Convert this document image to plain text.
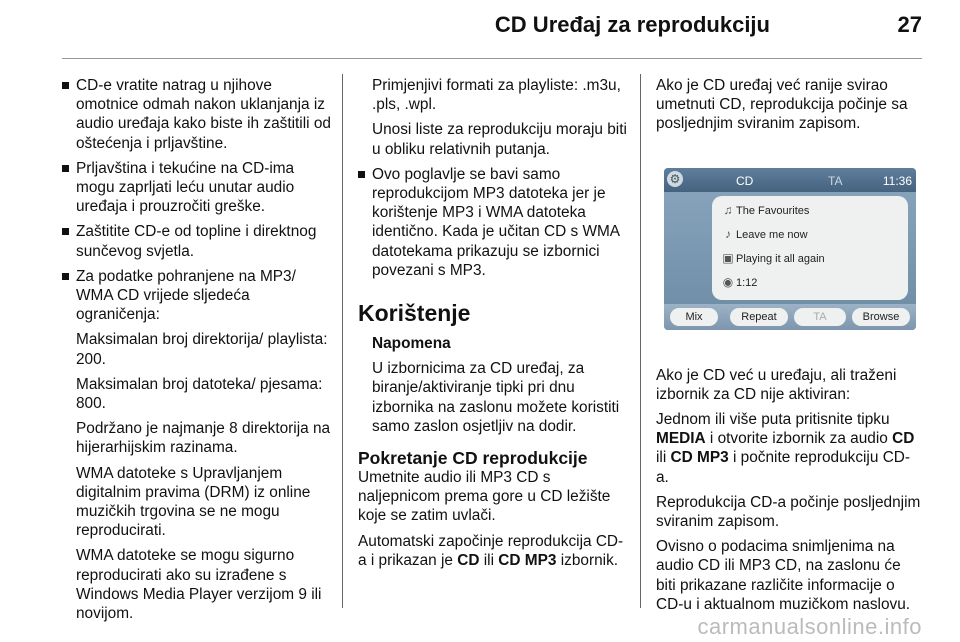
CD Uređaj za reprodukciju	27
CD-e vratite natrag u njihove omotnice odmah nakon uklanjanja iz audio uređaja kako biste ih zaštitili od oštećenja i prljavštine.
Prljavština i tekućine na CD-ima mogu zaprljati leću unutar audio uređaja i prouzročiti greške.
Zaštitite CD-e od topline i direktnog sunčevog svjetla.
Za podatke pohranjene na MP3/ WMA CD vrijede sljedeća ograničenja:

Maksimalan broj direktorija/ playlista: 200.

Maksimalan broj datoteka/ pjesama: 800.

Podržano je najmanje 8 direktorija na hijerarhijskim razinama.

WMA datoteke s Upravljanjem digitalnim pravima (DRM) iz online muzičkih trgovina se ne mogu reproducirati.

WMA datoteke se mogu sigurno reproducirati ako su izrađene s Windows Media Player verzijom 9 ili novijom.

Primjenjivi formati za playliste: .m3u, .pls, .wpl.

Unosi liste za reprodukciju moraju biti u obliku relativnih putanja.

Ovo poglavlje se bavi samo reprodukcijom MP3 datoteka jer je korištenje MP3 i WMA datoteka identično. Kada je učitan CD s WMA datotekama prikazuju se izbornici povezani s MP3.
Korištenje

Napomena

U izbornicima za CD uređaj, za biranje/aktiviranje tipki pri dnu izbornika na zaslonu možete koristiti samo zaslon osjetljiv na dodir.

Pokretanje CD reprodukcije

Umetnite audio ili MP3 CD s naljepnicom prema gore u CD ležište koje se zatim uvlači.

Automatski započinje reprodukcija CD-a i prikazan je CD ili CD MP3 izbornik.

Ako je CD uređaj već ranije svirao umetnuti CD, reprodukcija počinje sa posljednjim sviranim zapisom.

⚙	CD	TA	11:36
♫ The Favourites
♪ Leave me now
▣ Playing it all again
◉ 1:12
Mix	Repeat	TA	Browse

Ako je CD već u uređaju, ali traženi izbornik za CD nije aktiviran:

Jednom ili više puta pritisnite tipku MEDIA i otvorite izbornik za audio CD ili CD MP3 i počnite reprodukciju CD-a.

Reprodukcija CD-a počinje posljednjim sviranim zapisom.

Ovisno o podacima snimljenima na audio CD ili MP3 CD, na zaslonu će biti prikazane različite informacije o CD-u i aktualnom muzičkom naslovu.

carmanualsonline.info
